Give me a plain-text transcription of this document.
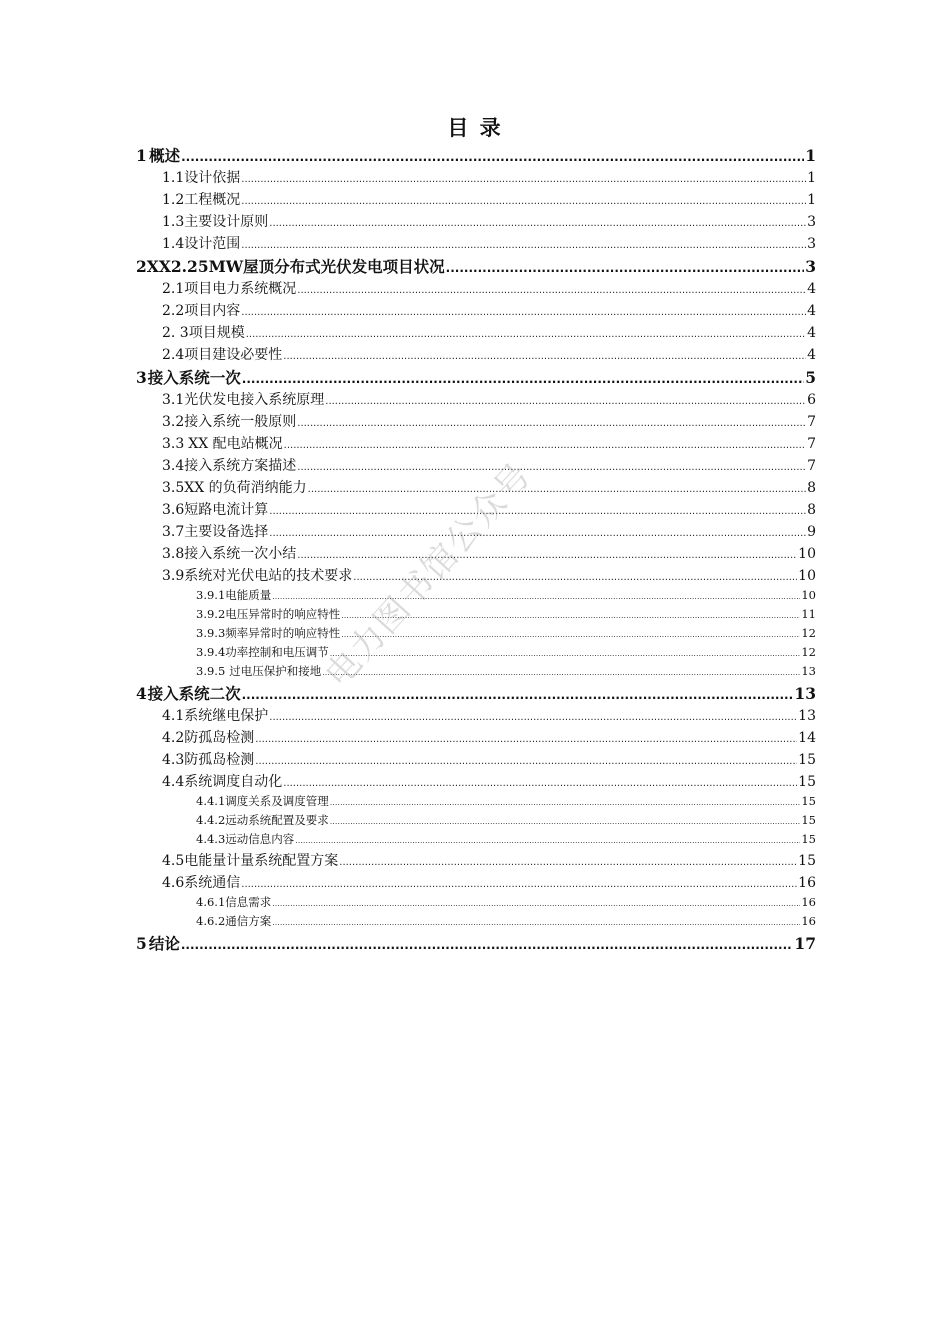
目 录
1 概述 .....	1
1.1 设计依据 .....	1
1.2 工程概况 .....	1
1.3 主要设计原则 .....	3
1.4 设计范围 .....	3
2 XX2.25MW屋顶分布式光伏发电项目状况 .....	3
2.1 项目电力系统概况 .....	4
2.2 项目内容 .....	4
2. 3 项目规模 .....	4
2.4 项目建设必要性 .....	4
3 接入系统一次 .....	5
3.1 光伏发电接入系统原理 .....	6
3.2 接入系统一般原则 .....	7
3.3 XX 配电站概况 .....	7
3.4 接入系统方案描述 .....	7
3.5 XX 的负荷消纳能力 .....	8
3.6 短路电流计算 .....	8
3.7 主要设备选择 .....	9
3.8 接入系统一次小结 .....	10
3.9 系统对光伏电站的技术要求 .....	10
3.9.1 电能质量 .....	10
3.9.2 电压异常时的响应特性 .....	11
3.9.3 频率异常时的响应特性 .....	12
3.9.4 功率控制和电压调节 .....	12
3.9.5 过电压保护和接地 .....	13
4 接入系统二次 .....	13
4.1 系统继电保护 .....	13
4.2 防孤岛检测 .....	14
4.3 防孤岛检测 .....	15
4.4 系统调度自动化 .....	15
4.4.1 调度关系及调度管理 .....	15
4.4.2 远动系统配置及要求 .....	15
4.4.3 远动信息内容 .....	15
4.5 电能量计量系统配置方案 .....	15
4.6 系统通信 .....	16
4.6.1 信息需求 .....	16
4.6.2 通信方案 .....	16
5 结论 .....	17
电力图书馆公众号
